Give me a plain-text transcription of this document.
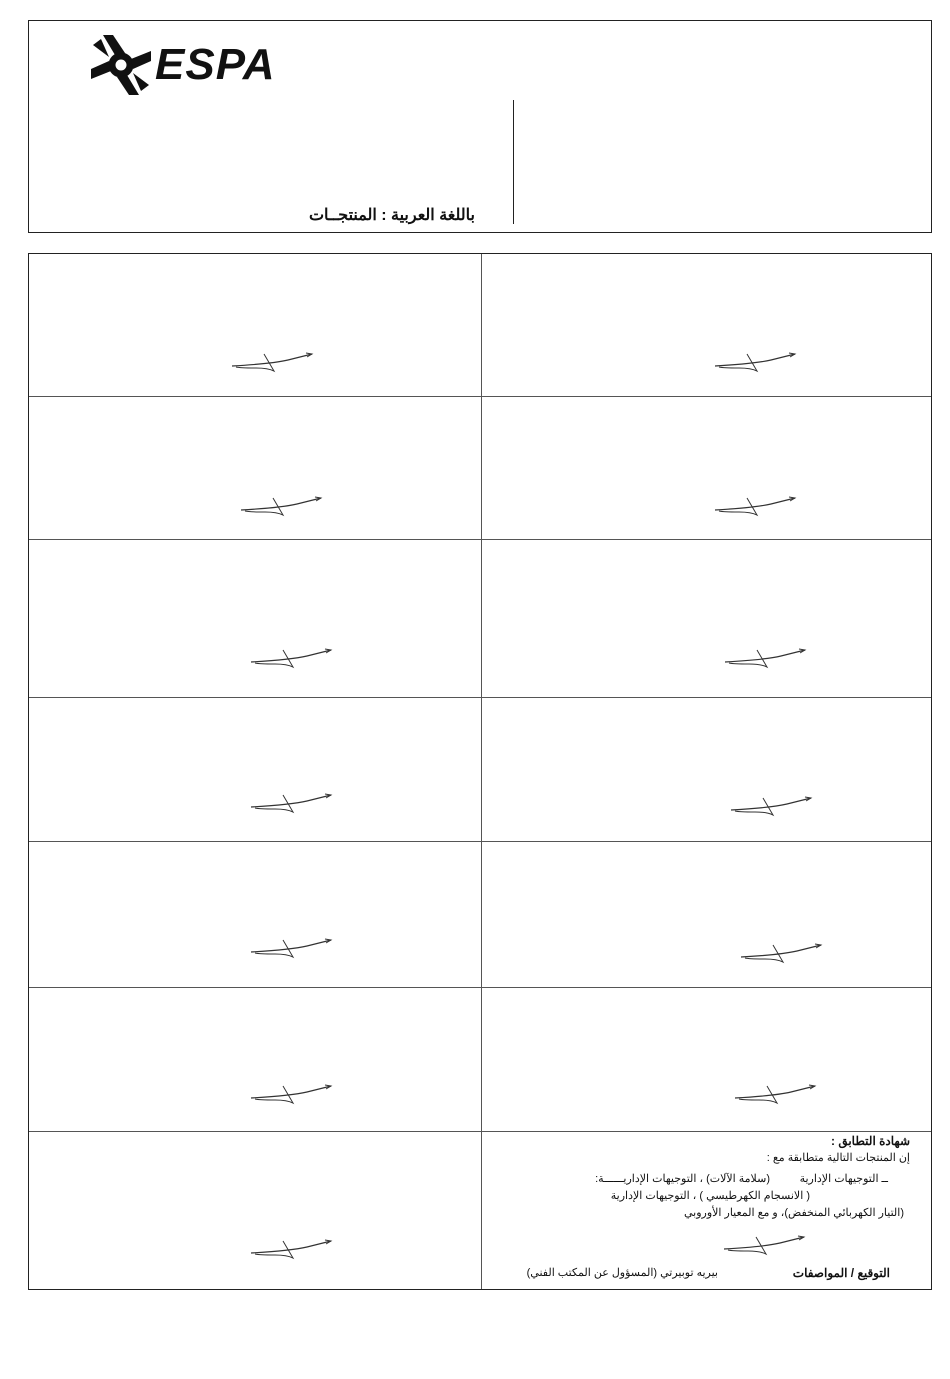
ESPA
باللغة العربية : المنتجــات
شهادة التطابق :
إن المنتجات التالية متطابقة مع :
ــ التوجيهات الإدارية
(سلامة الآلات) ، التوجيهات الإداريــــــة:
( الانسجام الكهرطيسي ) ، التوجيهات الإدارية
(التيار الكهربائي المنخفض)، و مع المعيار الأوروبي
التوقيع / المواصفات
بيريه توبيرتي (المسؤول عن المكتب الفني)
